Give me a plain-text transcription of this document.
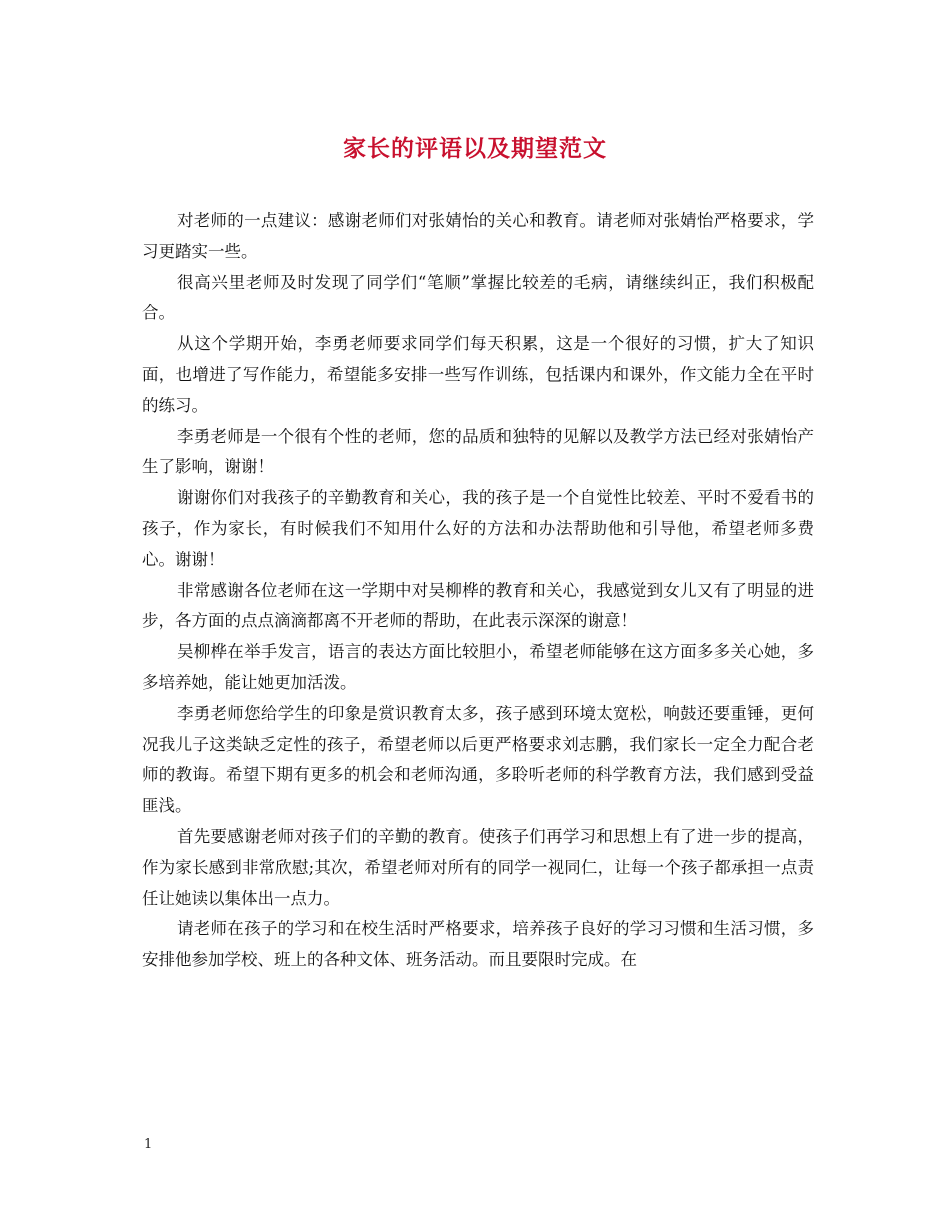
家长的评语以及期望范文

对老师的一点建议：感谢老师们对张婧怡的关心和教育。请老师对张婧怡严格要求，学习更踏实一些。

很高兴里老师及时发现了同学们“笔顺”掌握比较差的毛病，请继续纠正，我们积极配合。

从这个学期开始，李勇老师要求同学们每天积累，这是一个很好的习惯，扩大了知识面，也增进了写作能力，希望能多安排一些写作训练，包括课内和课外，作文能力全在平时的练习。

李勇老师是一个很有个性的老师，您的品质和独特的见解以及教学方法已经对张婧怡产生了影响，谢谢！

谢谢你们对我孩子的辛勤教育和关心，我的孩子是一个自觉性比较差、平时不爱看书的孩子，作为家长，有时候我们不知用什么好的方法和办法帮助他和引导他，希望老师多费心。谢谢！

非常感谢各位老师在这一学期中对吴柳桦的教育和关心，我感觉到女儿又有了明显的进步，各方面的点点滴滴都离不开老师的帮助，在此表示深深的谢意！

吴柳桦在举手发言，语言的表达方面比较胆小，希望老师能够在这方面多多关心她，多多培养她，能让她更加活泼。

李勇老师您给学生的印象是赏识教育太多，孩子感到环境太宽松，响鼓还要重锤，更何况我儿子这类缺乏定性的孩子，希望老师以后更严格要求刘志鹏，我们家长一定全力配合老师的教诲。希望下期有更多的机会和老师沟通，多聆听老师的科学教育方法，我们感到受益匪浅。

首先要感谢老师对孩子们的辛勤的教育。使孩子们再学习和思想上有了进一步的提高，作为家长感到非常欣慰;其次，希望老师对所有的同学一视同仁，让每一个孩子都承担一点责任让她读以集体出一点力。

请老师在孩子的学习和在校生活时严格要求，培养孩子良好的学习习惯和生活习惯，多安排他参加学校、班上的各种文体、班务活动。而且要限时完成。在

1
